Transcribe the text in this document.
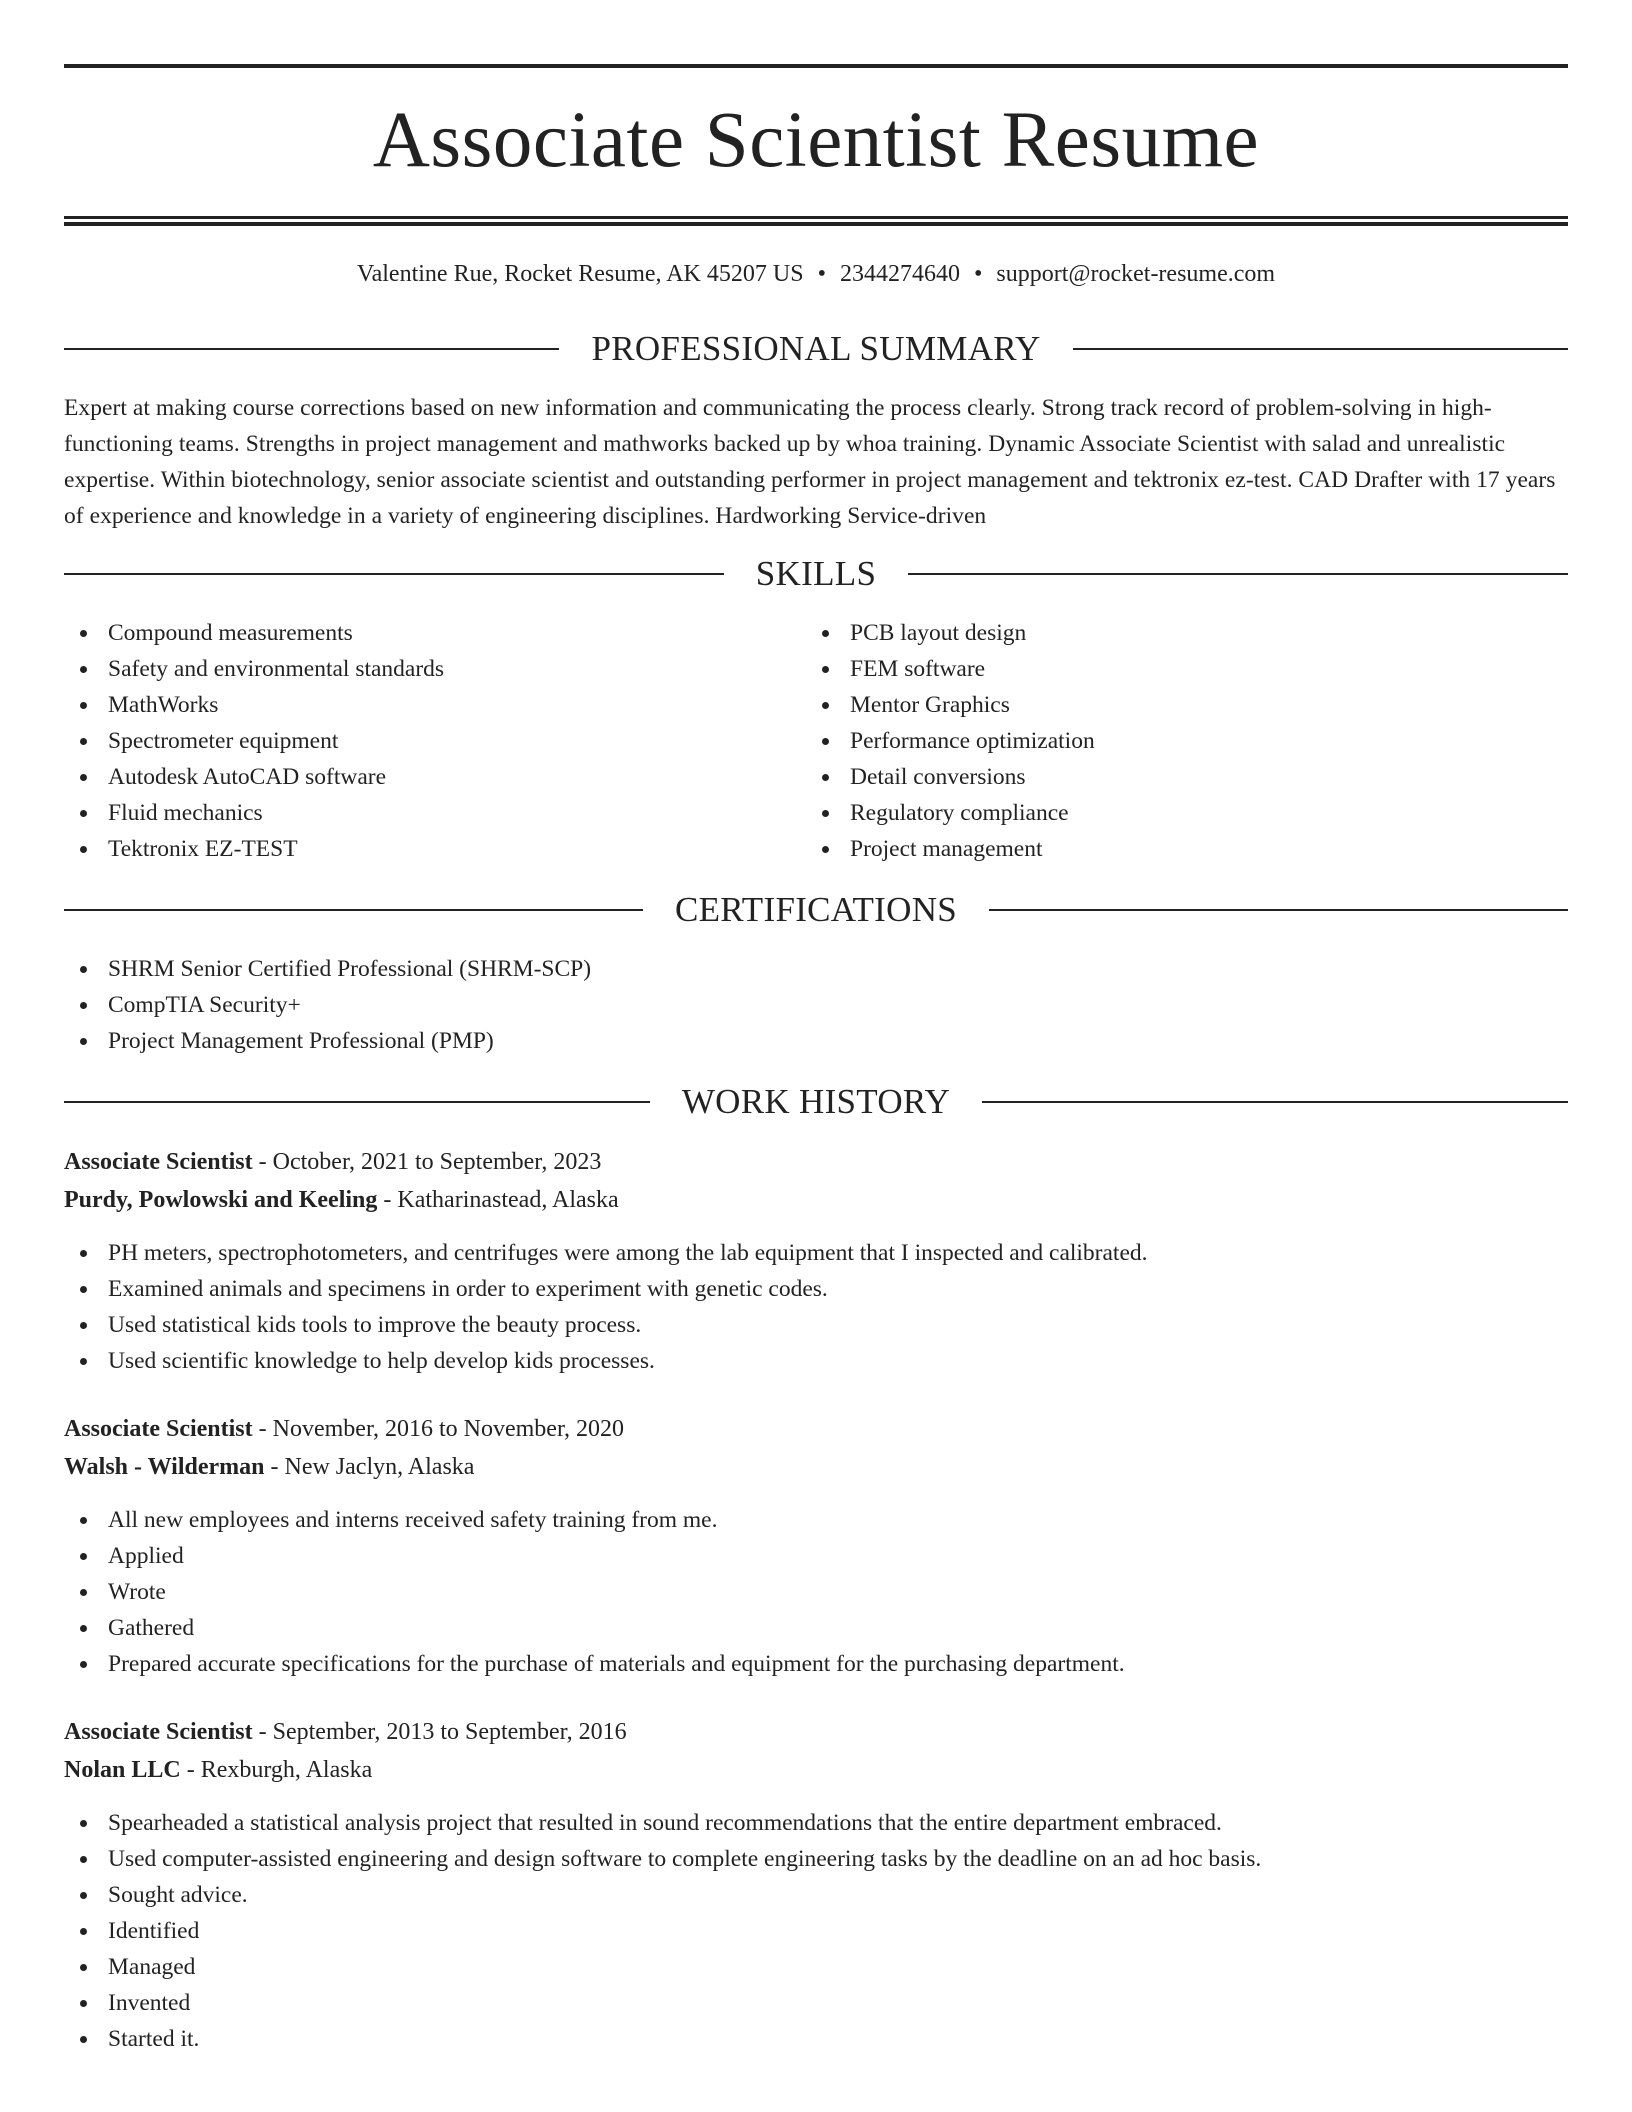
Associate Scientist Resume
Valentine Rue, Rocket Resume, AK 45207 US • 2344274640 • support@rocket-resume.com
PROFESSIONAL SUMMARY

Expert at making course corrections based on new information and communicating the process clearly. Strong track record of problem-solving in high-functioning teams. Strengths in project management and mathworks backed up by whoa training. Dynamic Associate Scientist with salad and unrealistic expertise. Within biotechnology, senior associate scientist and outstanding performer in project management and tektronix ez-test. CAD Drafter with 17 years of experience and knowledge in a variety of engineering disciplines. Hardworking Service-driven

SKILLS
Compound measurements
Safety and environmental standards
MathWorks
Spectrometer equipment
Autodesk AutoCAD software
Fluid mechanics
Tektronix EZ-TEST
PCB layout design
FEM software
Mentor Graphics
Performance optimization
Detail conversions
Regulatory compliance
Project management
CERTIFICATIONS
SHRM Senior Certified Professional (SHRM-SCP)
CompTIA Security+
Project Management Professional (PMP)
WORK HISTORY

Associate Scientist - October, 2021 to September, 2023

Purdy, Powlowski and Keeling - Katharinastead, Alaska

PH meters, spectrophotometers, and centrifuges were among the lab equipment that I inspected and calibrated.
Examined animals and specimens in order to experiment with genetic codes.
Used statistical kids tools to improve the beauty process.
Used scientific knowledge to help develop kids processes.

Associate Scientist - November, 2016 to November, 2020

Walsh - Wilderman - New Jaclyn, Alaska

All new employees and interns received safety training from me.
Applied
Wrote
Gathered
Prepared accurate specifications for the purchase of materials and equipment for the purchasing department.

Associate Scientist - September, 2013 to September, 2016

Nolan LLC - Rexburgh, Alaska

Spearheaded a statistical analysis project that resulted in sound recommendations that the entire department embraced.
Used computer-assisted engineering and design software to complete engineering tasks by the deadline on an ad hoc basis.
Sought advice.
Identified
Managed
Invented
Started it.
